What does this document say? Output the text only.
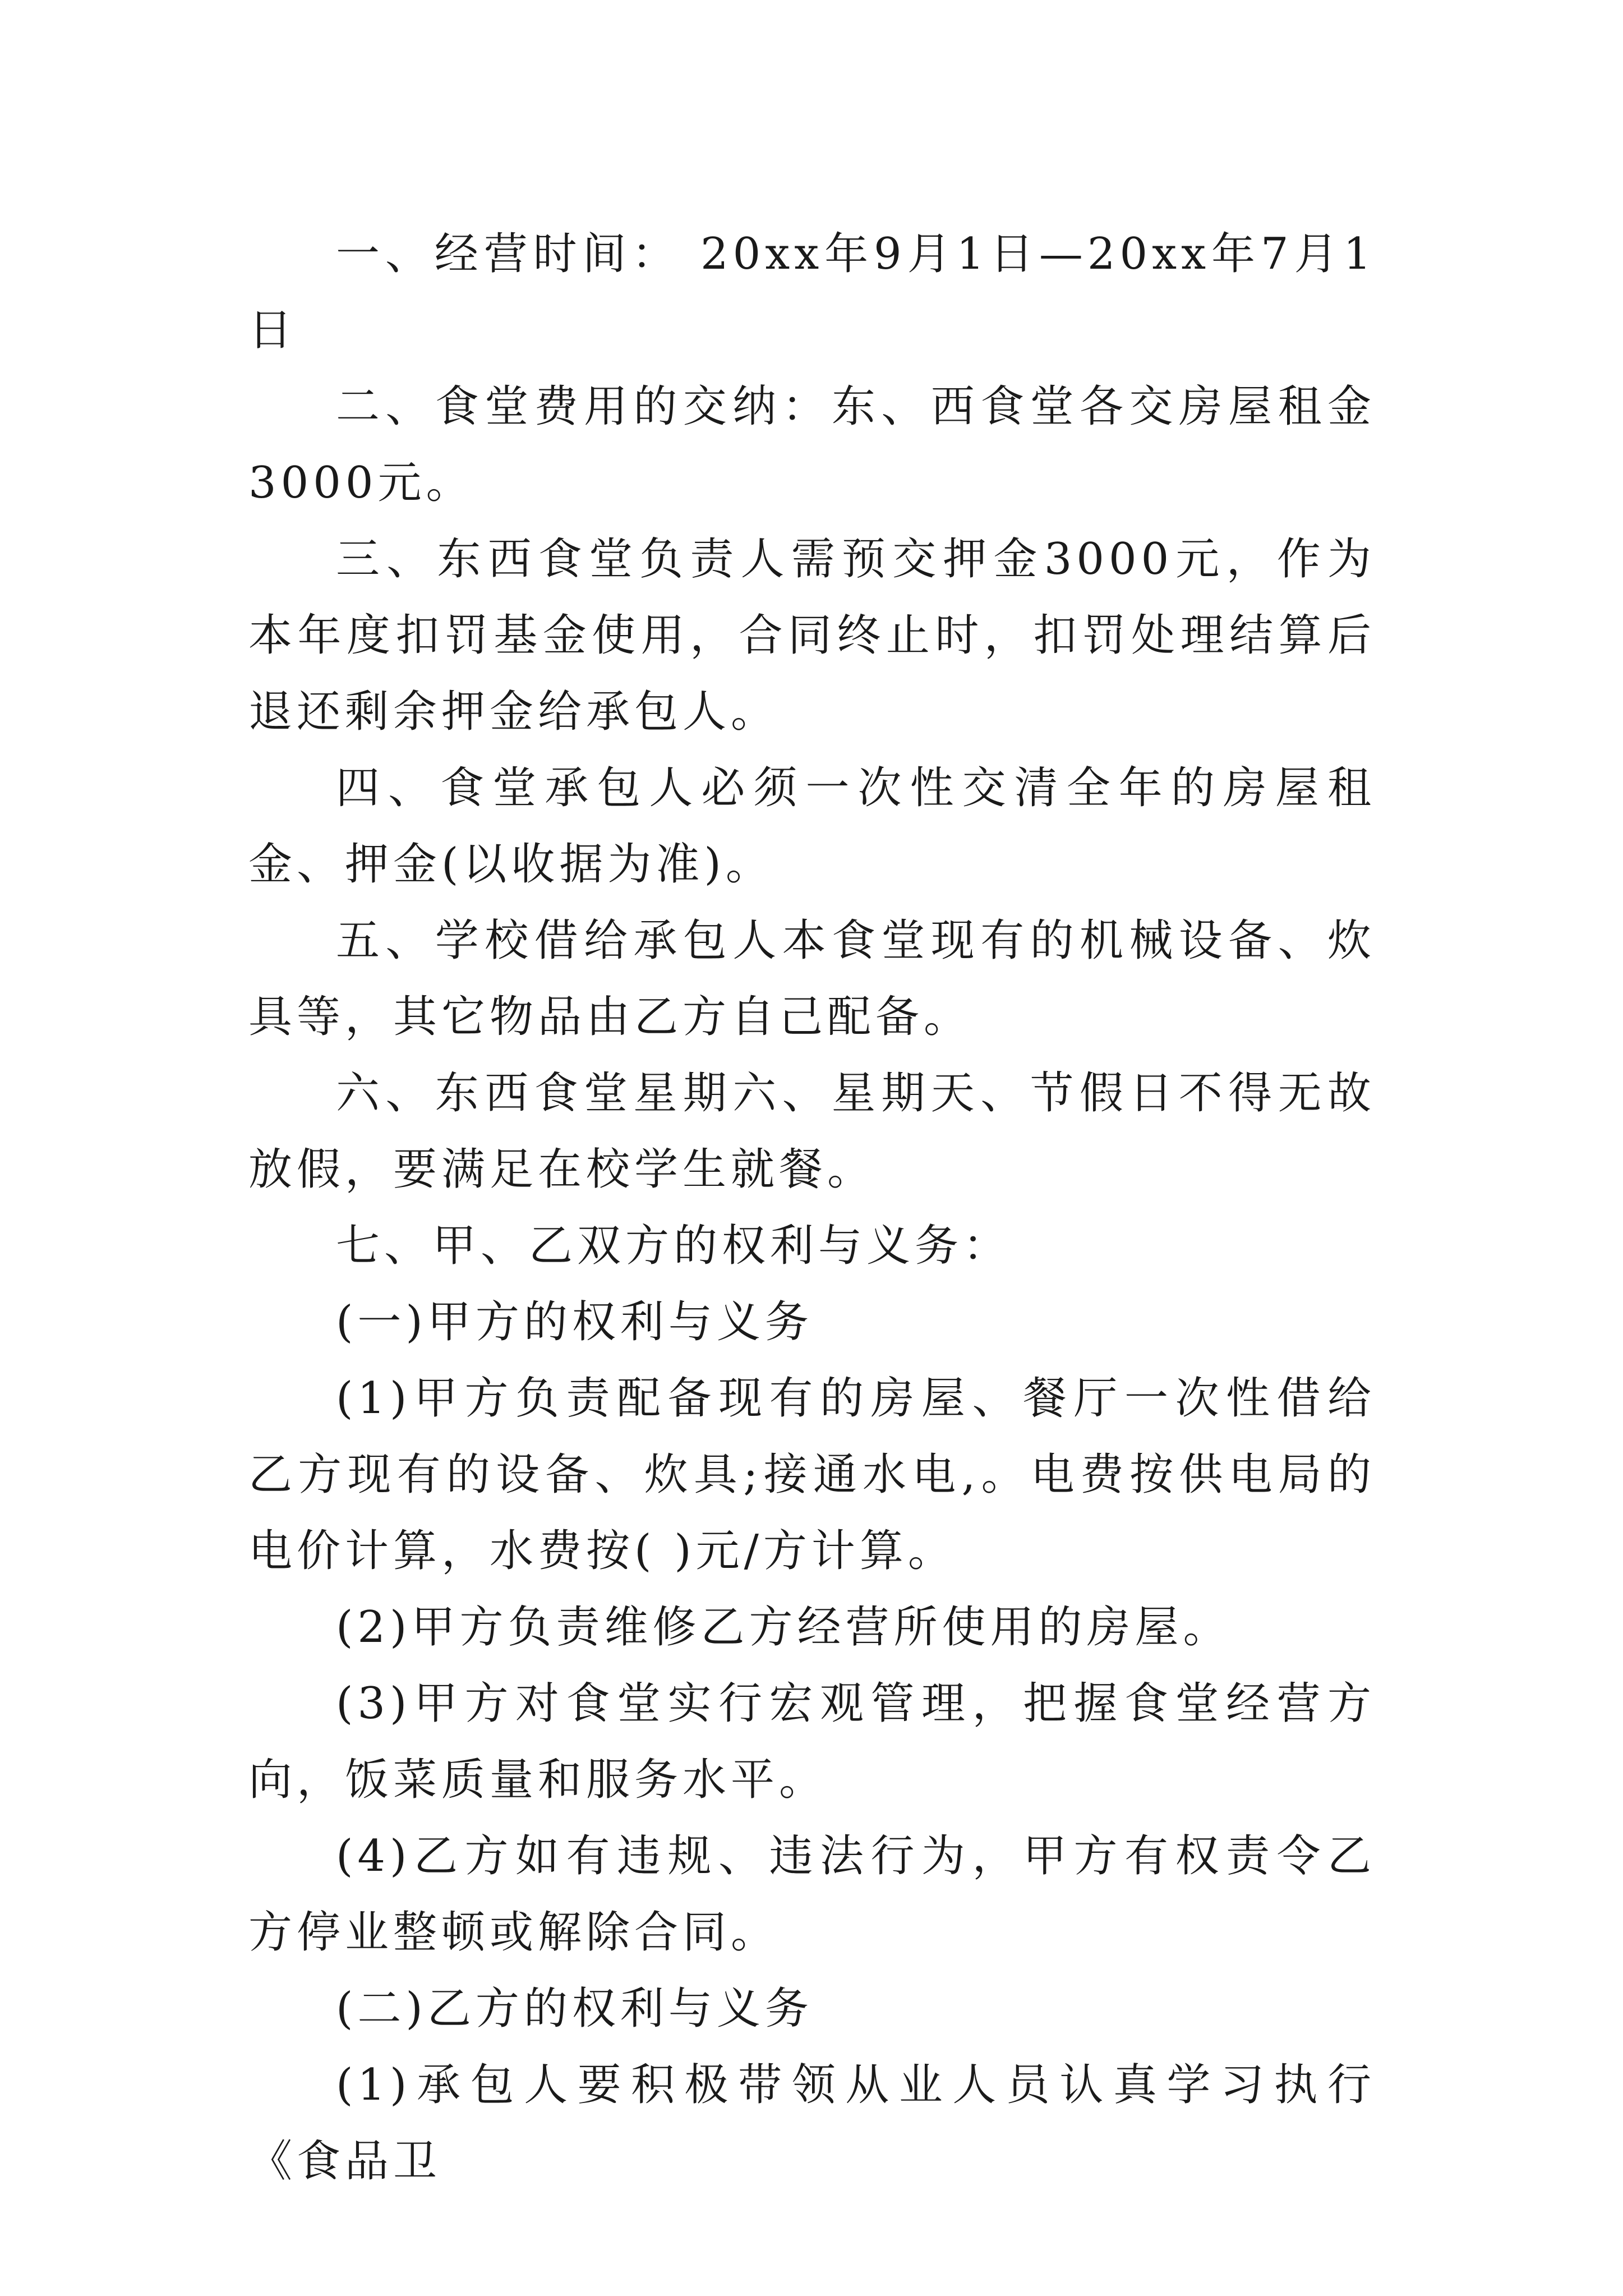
一、经营时间： 20xx年9月1日—20xx年7月1日

二、食堂费用的交纳：东、西食堂各交房屋租金3000元。

三、东西食堂负责人需预交押金3000元，作为本年度扣罚基金使用，合同终止时，扣罚处理结算后退还剩余押金给承包人。

四、食堂承包人必须一次性交清全年的房屋租金、押金(以收据为准)。

五、学校借给承包人本食堂现有的机械设备、炊具等，其它物品由乙方自己配备。

六、东西食堂星期六、星期天、节假日不得无故放假，要满足在校学生就餐。

七、甲、乙双方的权利与义务：

(一)甲方的权利与义务

(1)甲方负责配备现有的房屋、餐厅一次性借给乙方现有的设备、炊具;接通水电,。电费按供电局的电价计算，水费按( )元/方计算。

(2)甲方负责维修乙方经营所使用的房屋。

(3)甲方对食堂实行宏观管理，把握食堂经营方向，饭菜质量和服务水平。

(4)乙方如有违规、违法行为，甲方有权责令乙方停业整顿或解除合同。

(二)乙方的权利与义务

(1)承包人要积极带领从业人员认真学习执行《食品卫
